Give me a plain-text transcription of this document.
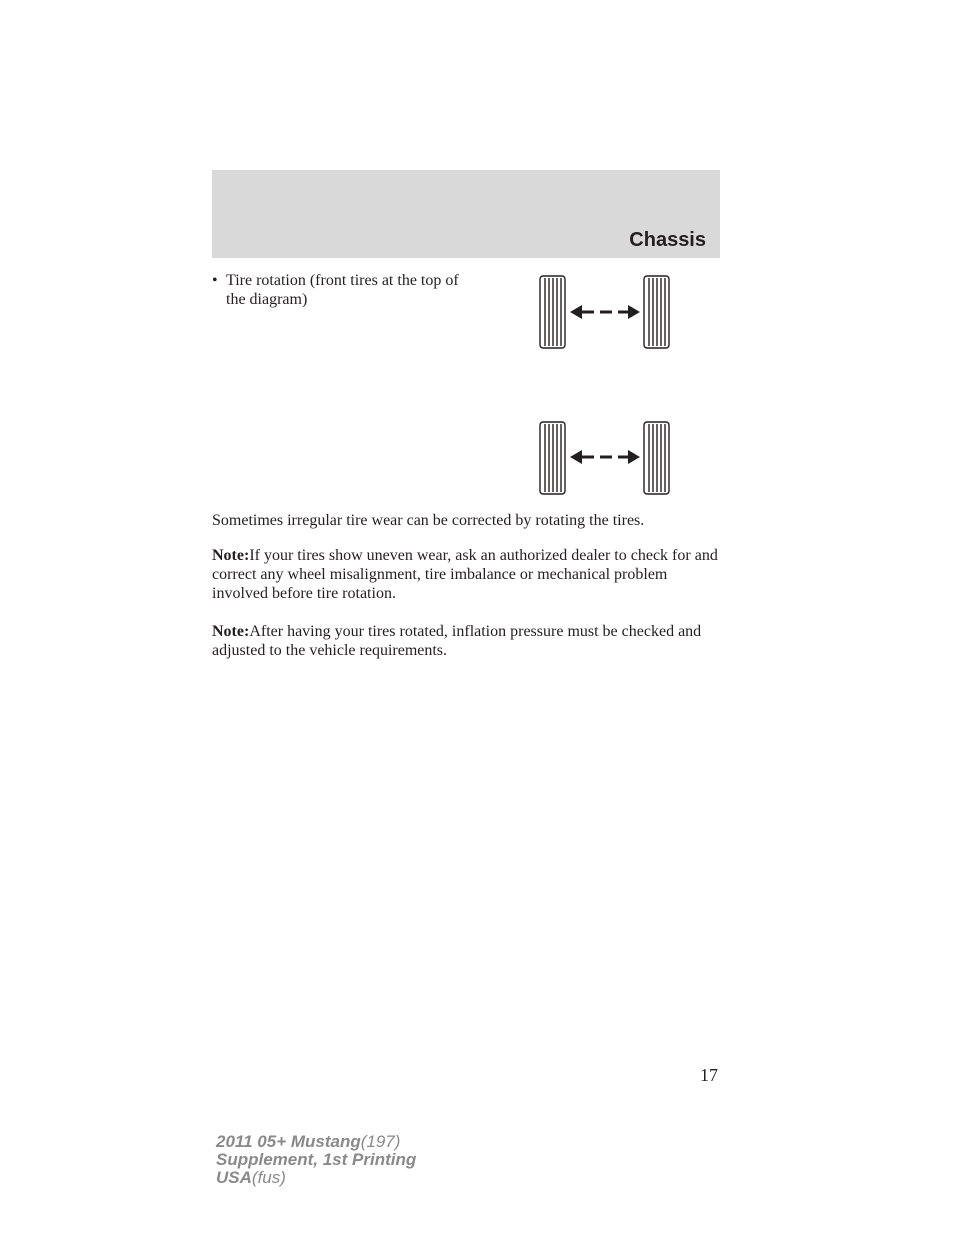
Chassis
• Tire rotation (front tires at the top of the diagram)

Sometimes irregular tire wear can be corrected by rotating the tires.

Note:If your tires show uneven wear, ask an authorized dealer to check for and correct any wheel misalignment, tire imbalance or mechanical problem involved before tire rotation.

Note:After having your tires rotated, inflation pressure must be checked and adjusted to the vehicle requirements.

17
2011 05+ Mustang(197)
Supplement, 1st Printing
USA(fus)
